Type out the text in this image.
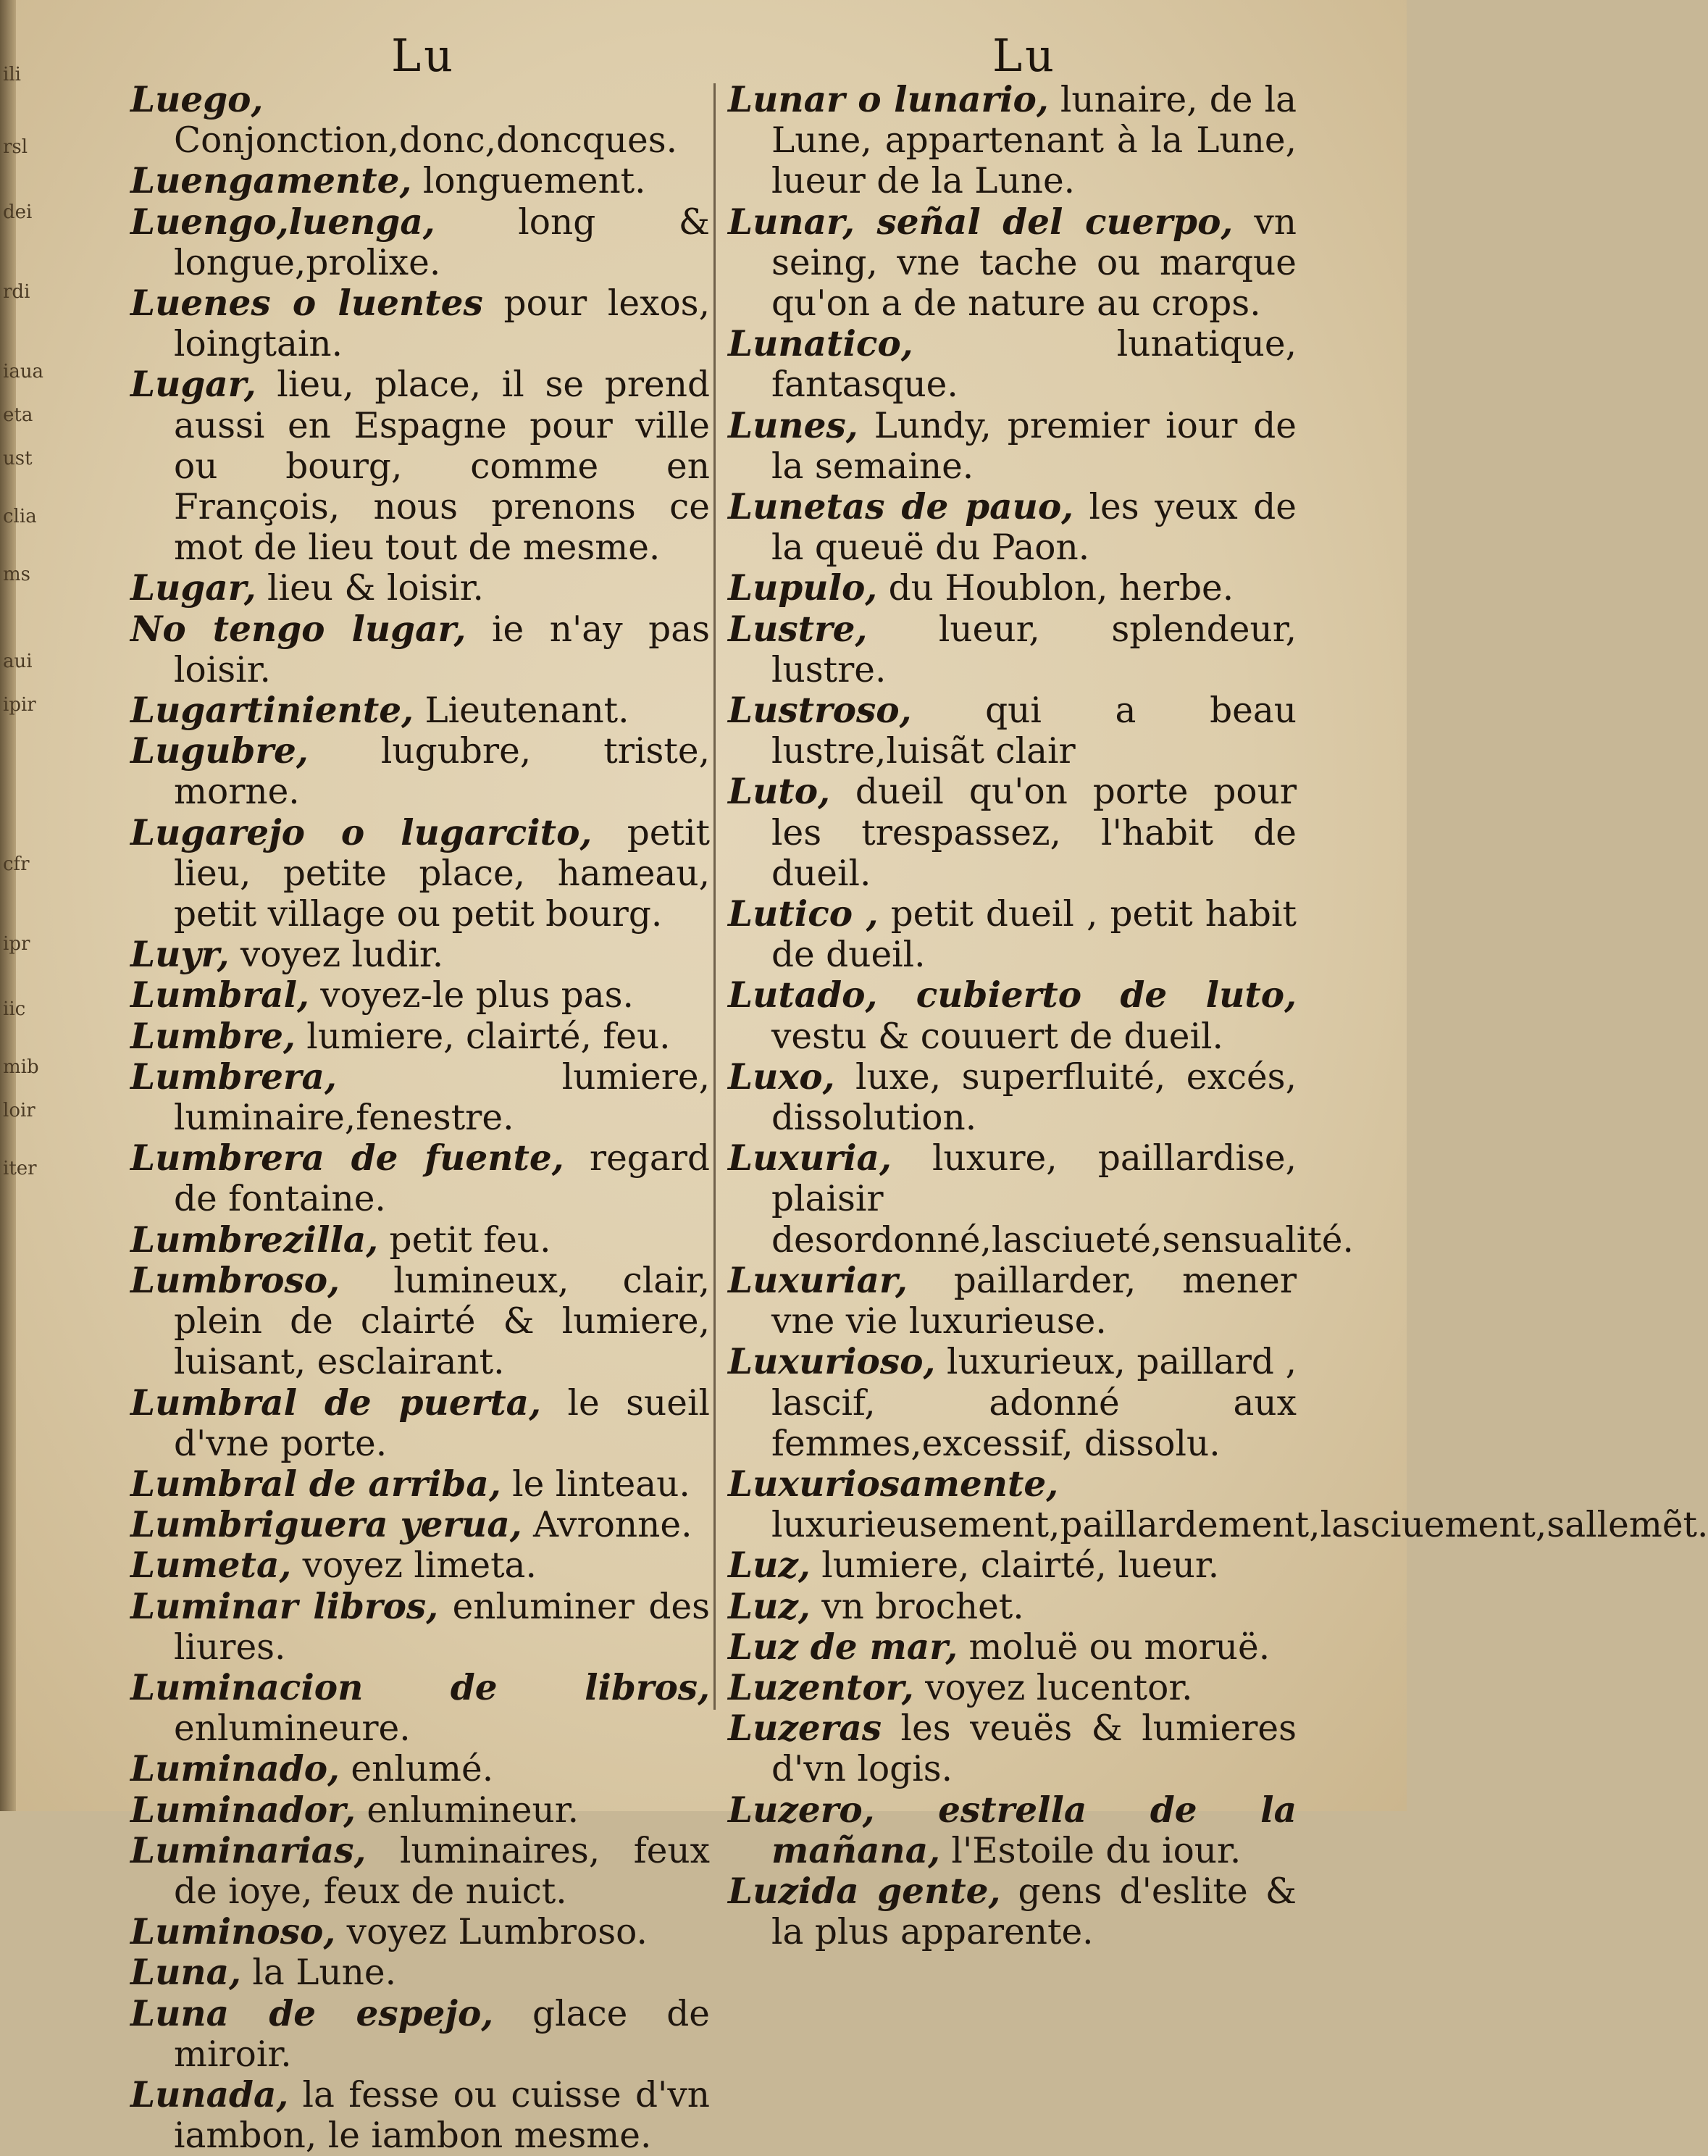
ili
rsl
dei
rdi
iaua
eta
ust
clia
ms
aui
ipir
cfr
ipr
iic
mib
loir
iter
Lu	Lu
Luego, Conjonction,donc,doncques.
Luengamente, longuement.
Luengo,luenga, long & longue,prolixe.
Luenes o luentes pour lexos, loingtain.
Lugar, lieu, place, il se prend aussi en Espagne pour ville ou bourg, comme en François, nous prenons ce mot de lieu tout de mesme.
Lugar, lieu & loisir.
No tengo lugar, ie n'ay pas loisir.
Lugartiniente, Lieutenant.
Lugubre, lugubre, triste, morne.
Lugarejo o lugarcito, petit lieu, petite place, hameau, petit village ou petit bourg.
Luyr, voyez ludir.
Lumbral, voyez-le plus pas.
Lumbre, lumiere, clairté, feu.
Lumbrera, lumiere, luminaire,fenestre.
Lumbrera de fuente, regard de fontaine.
Lumbrezilla, petit feu.
Lumbroso, lumineux, clair, plein de clairté & lumiere, luisant, esclairant.
Lumbral de puerta, le sueil d'vne porte.
Lumbral de arriba, le linteau.
Lumbriguera yerua, Avronne.
Lumeta, voyez limeta.
Luminar libros, enluminer des liures.
Luminacion de libros, enlumineure.
Luminado, enlumé.
Luminador, enlumineur.
Luminarias, luminaires, feux de ioye, feux de nuict.
Luminoso, voyez Lumbroso.
Luna, la Lune.
Luna de espejo, glace de miroir.
Lunada, la fesse ou cuisse d'vn iambon, le iambon mesme.
Lunar o lunario, lunaire, de la Lune, appartenant à la Lune, lueur de la Lune.
Lunar, señal del cuerpo, vn seing, vne tache ou marque qu'on a de nature au crops.
Lunatico, lunatique, fantasque.
Lunes, Lundy, premier iour de la semaine.
Lunetas de pauo, les yeux de la queuë du Paon.
Lupulo, du Houblon, herbe.
Lustre, lueur, splendeur, lustre.
Lustroso, qui a beau lustre,luisãt clair
Luto, dueil qu'on porte pour les trespassez, l'habit de dueil.
Lutico , petit dueil , petit habit de dueil.
Lutado, cubierto de luto, vestu & couuert de dueil.
Luxo, luxe, superfluité, excés, dissolution.
Luxuria, luxure, paillardise, plaisir desordonné,lasciueté,sensualité.
Luxuriar, paillarder, mener vne vie luxurieuse.
Luxurioso, luxurieux, paillard , lascif, adonné aux femmes,excessif, dissolu.
Luxuriosamente, luxurieusement,paillardement,lasciuement,sallemẽt.
Luz, lumiere, clairté, lueur.
Luz, vn brochet.
Luz de mar, moluë ou moruë.
Luzentor, voyez lucentor.
Luzeras les veuës & lumieres d'vn logis.
Luzero, estrella de la mañana, l'Estoile du iour.
Luzida gente, gens d'eslite & la plus apparente.
